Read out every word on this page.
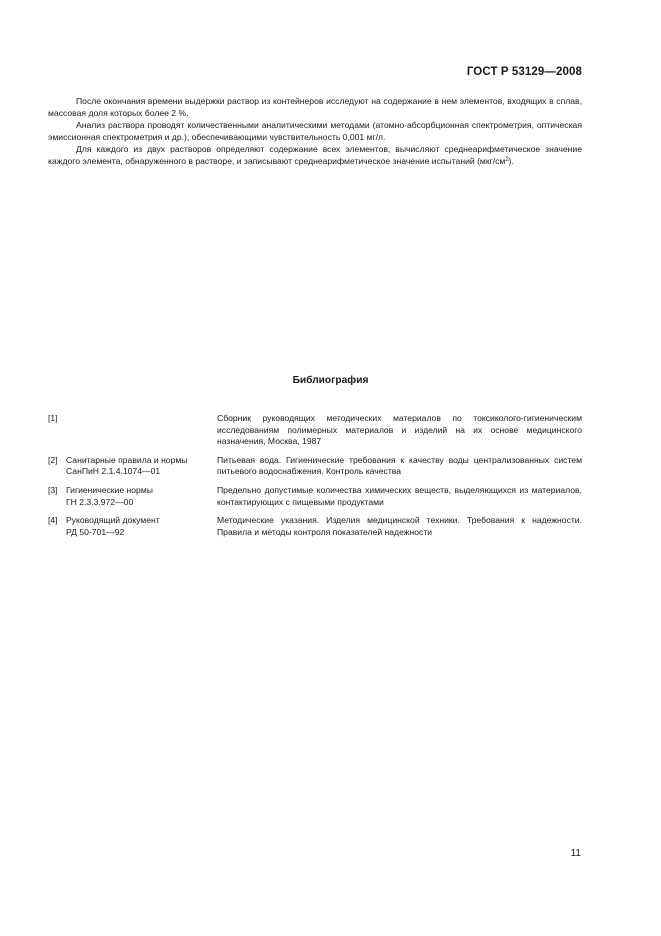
ГОСТ Р 53129—2008

После окончания времени выдержки раствор из контейнеров исследуют на содержание в нем элементов, входящих в сплав, массовая доля которых более 2 %.

Анализ раствора проводят количественными аналитическими методами (атомно-абсорбционная спектрометрия, оптическая эмиссионная спектрометрия и др.), обеспечивающими чувствительность 0,001 мг/л.

Для каждого из двух растворов определяют содержание всех элементов, вычисляют среднеарифметическое значение каждого элемента, обнаруженного в растворе, и записывают среднеарифметическое значение испытаний $(мкг/см^2)$.

Библиография
[1]	Сборник руководящих методических материалов по токсиколого-гигиеническим исследованиям полимерных материалов и изделий на их основе медицинского назначения, Москва, 1987
[2] Санитарные правила и нормы
СанПиН 2.1.4.1074—01
Питьевая вода. Гигиенические требования к качеству воды централизованных систем питьевого водоснабжения. Контроль качества
[3] Гигиенические нормы
ГН 2.3.3.972—00
Предельно допустимые количества химических веществ, выделяющихся из материалов, контактирующих с пищевыми продуктами
[4] Руководящий документ
РД 50-701—92
Методические указания. Изделия медицинской техники. Требования к надежности. Правила и методы контроля показателей надежности
11
